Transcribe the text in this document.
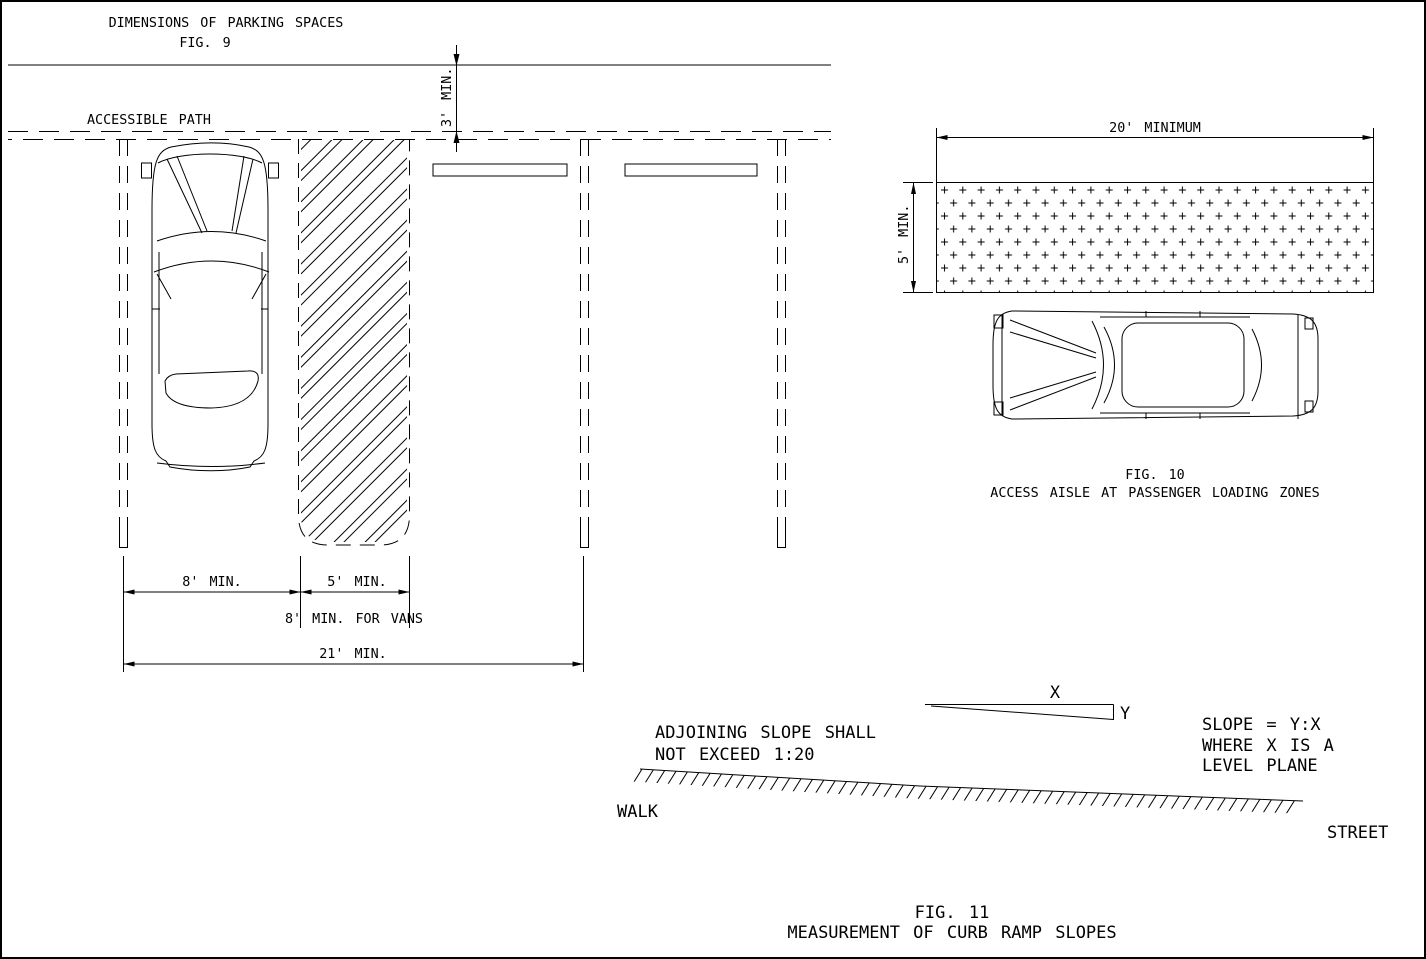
DIMENSIONS OF PARKING SPACES
FIG. 9
ACCESSIBLE PATH	3' MIN.
8' MIN.	5' MIN.
8' MIN. FOR VANS
21' MIN.
20' MINIMUM
5' MIN.
FIG. 10
ACCESS AISLE AT PASSENGER LOADING ZONES
ADJOINING SLOPE SHALL
NOT EXCEED 1:20
X
Y
WALK
STREET
SLOPE = Y:X
WHERE X IS A
LEVEL PLANE
FIG. 11
MEASUREMENT OF CURB RAMP SLOPES
